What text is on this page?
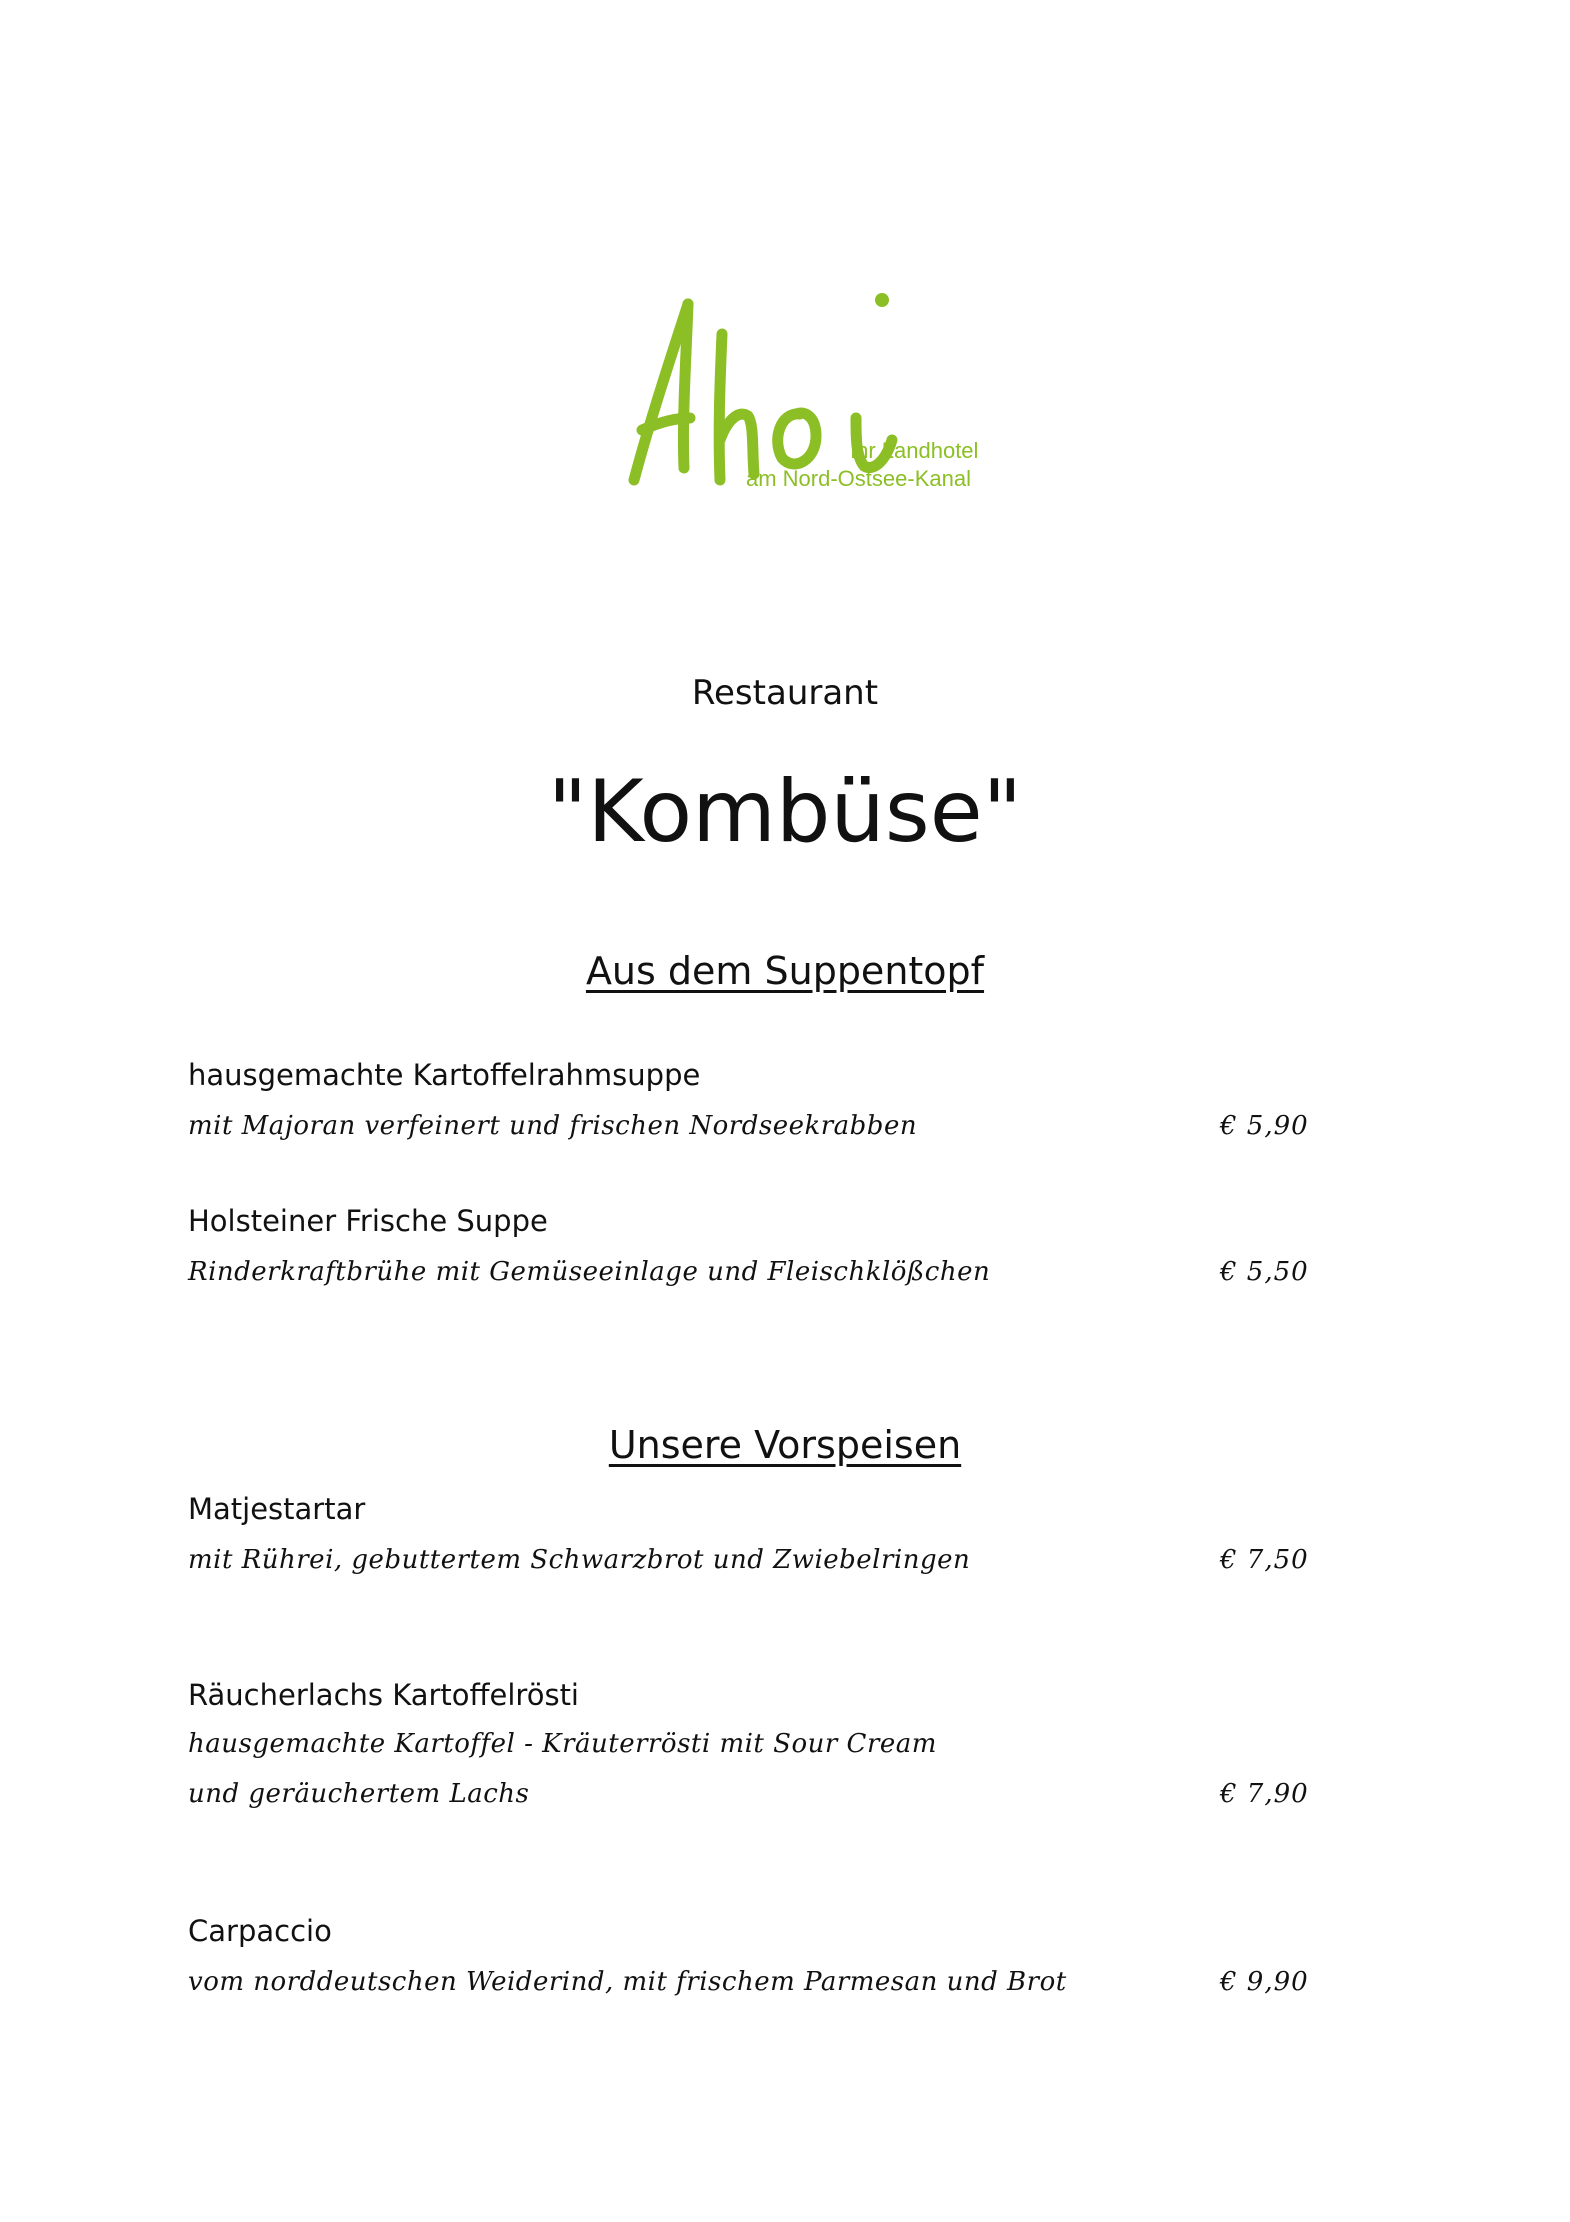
Ihr Landhotel
am Nord-Ostsee-Kanal
Restaurant
"Kombüse"
Aus dem Suppentopf
hausgemachte Kartoffelrahmsuppe
mit Majoran verfeinert und frischen Nordseekrabben	€ 5,90
Holsteiner Frische Suppe
Rinderkraftbrühe mit Gemüseeinlage und Fleischklößchen	€ 5,50
Unsere Vorspeisen
Matjestartar
mit Rührei, gebuttertem Schwarzbrot und Zwiebelringen	€ 7,50
Räucherlachs Kartoffelrösti
hausgemachte Kartoffel - Kräuterrösti mit Sour Cream
und geräuchertem Lachs	€ 7,90
Carpaccio
vom norddeutschen Weiderind, mit frischem Parmesan und Brot	€ 9,90
